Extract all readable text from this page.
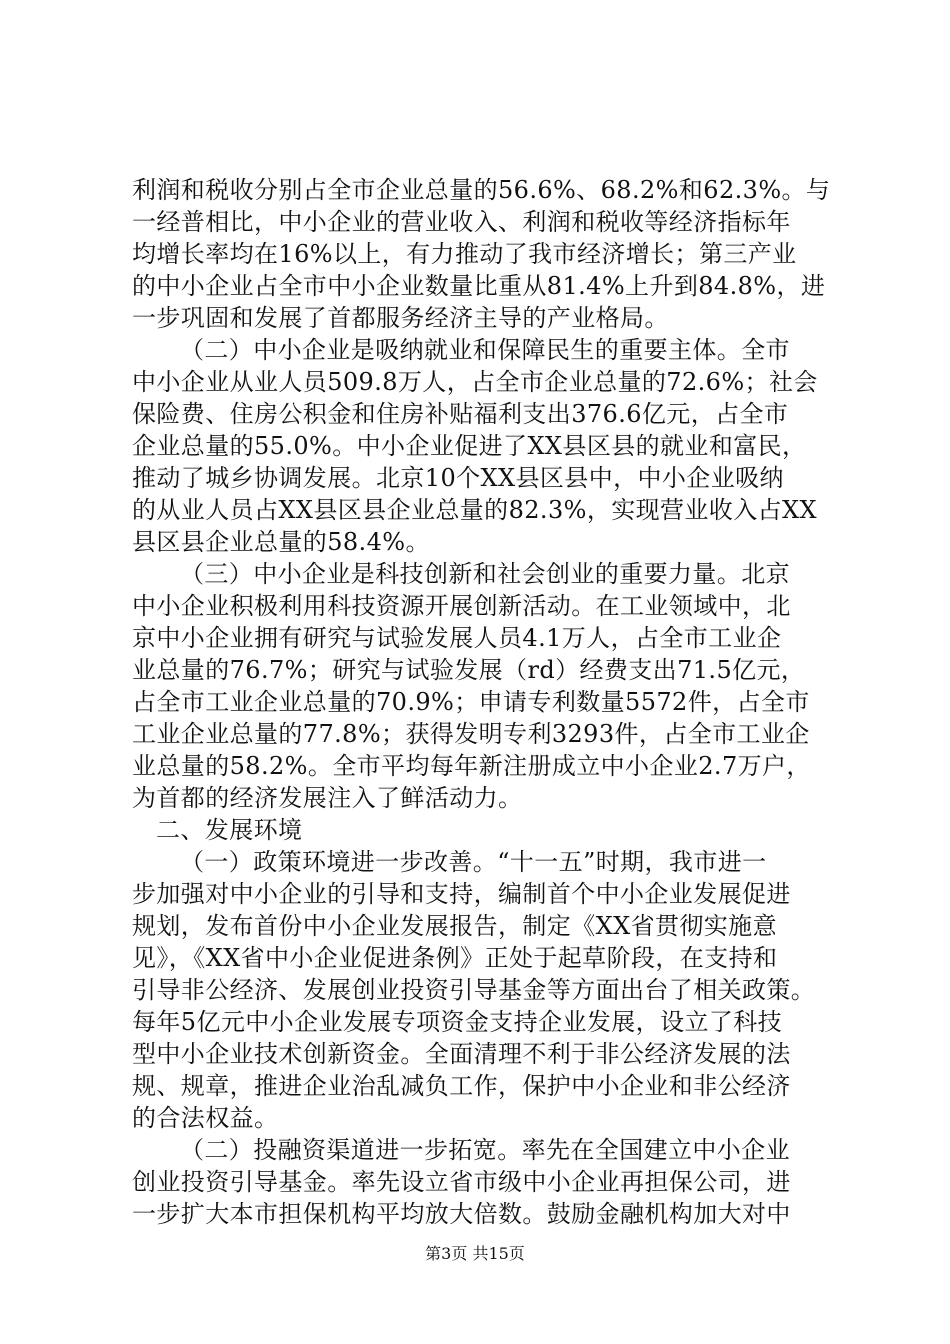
利润和税收分别占全市企业总量的56.6%、68.2%和62.3%。与
一经普相比，中小企业的营业收入、利润和税收等经济指标年
均增长率均在16%以上，有力推动了我市经济增长；第三产业
的中小企业占全市中小企业数量比重从81.4%上升到84.8%，进
一步巩固和发展了首都服务经济主导的产业格局。
（二）中小企业是吸纳就业和保障民生的重要主体。全市
中小企业从业人员509.8万人，占全市企业总量的72.6%；社会
保险费、住房公积金和住房补贴福利支出376.6亿元，占全市
企业总量的55.0%。中小企业促进了XX县区县的就业和富民，
推动了城乡协调发展。北京10个XX县区县中，中小企业吸纳
的从业人员占XX县区县企业总量的82.3%，实现营业收入占XX
县区县企业总量的58.4%。
（三）中小企业是科技创新和社会创业的重要力量。北京
中小企业积极利用科技资源开展创新活动。在工业领域中，北
京中小企业拥有研究与试验发展人员4.1万人，占全市工业企
业总量的76.7%；研究与试验发展（rd）经费支出71.5亿元，
占全市工业企业总量的70.9%；申请专利数量5572件，占全市
工业企业总量的77.8%；获得发明专利3293件，占全市工业企
业总量的58.2%。全市平均每年新注册成立中小企业2.7万户，
为首都的经济发展注入了鲜活动力。
二、发展环境
（一）政策环境进一步改善。“十一五”时期，我市进一
步加强对中小企业的引导和支持，编制首个中小企业发展促进
规划，发布首份中小企业发展报告，制定《XX省贯彻实施意
见》，《XX省中小企业促进条例》正处于起草阶段，在支持和
引导非公经济、发展创业投资引导基金等方面出台了相关政策。
每年5亿元中小企业发展专项资金支持企业发展，设立了科技
型中小企业技术创新资金。全面清理不利于非公经济发展的法
规、规章，推进企业治乱减负工作，保护中小企业和非公经济
的合法权益。
（二）投融资渠道进一步拓宽。率先在全国建立中小企业
创业投资引导基金。率先设立省市级中小企业再担保公司，进
一步扩大本市担保机构平均放大倍数。鼓励金融机构加大对中
第3页 共15页
